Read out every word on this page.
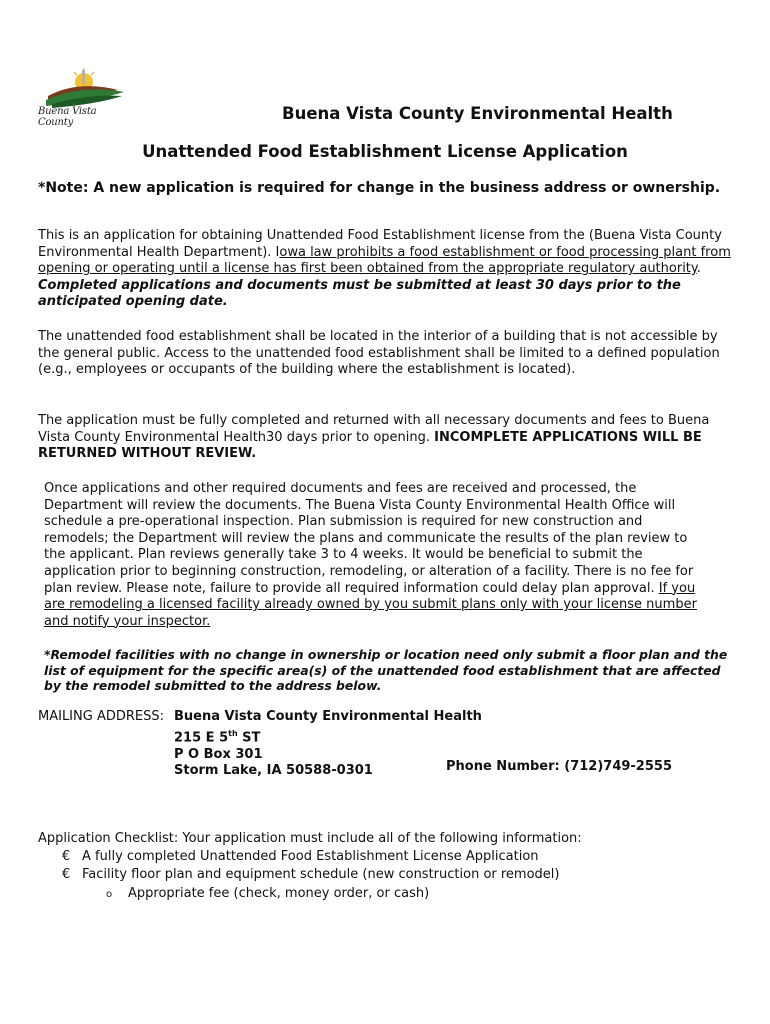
Buena Vista County	Buena Vista County Environmental Health

Unattended Food Establishment License Application

*Note: A new application is required for change in the business address or ownership.

This is an application for obtaining Unattended Food Establishment license from the (Buena Vista County Environmental Health Department). Iowa law prohibits a food establishment or food processing plant from opening or operating until a license has first been obtained from the appropriate regulatory authority. Completed applications and documents must be submitted at least 30 days prior to the anticipated opening date.

The unattended food establishment shall be located in the interior of a building that is not accessible by the general public. Access to the unattended food establishment shall be limited to a defined population (e.g., employees or occupants of the building where the establishment is located).

The application must be fully completed and returned with all necessary documents and fees to Buena Vista County Environmental Health30 days prior to opening. INCOMPLETE APPLICATIONS WILL BE RETURNED WITHOUT REVIEW.

Once applications and other required documents and fees are received and processed, the Department will review the documents. The Buena Vista County Environmental Health Office will schedule a pre-operational inspection. Plan submission is required for new construction and remodels; the Department will review the plans and communicate the results of the plan review to the applicant. Plan reviews generally take 3 to 4 weeks. It would be beneficial to submit the application prior to beginning construction, remodeling, or alteration of a facility. There is no fee for plan review. Please note, failure to provide all required information could delay plan approval. If you are remodeling a licensed facility already owned by you submit plans only with your license number and notify your inspector.

*Remodel facilities with no change in ownership or location need only submit a floor plan and the list of equipment for the specific area(s) of the unattended food establishment that are affected by the remodel submitted to the address below.

MAILING ADDRESS: Buena Vista County Environmental Health
215 E 5th ST
P O Box 301
Storm Lake, IA 50588-0301	Phone Number: (712)749-2555

Application Checklist: Your application must include all of the following information:

€ A fully completed Unattended Food Establishment License Application
€ Facility floor plan and equipment schedule (new construction or remodel)
o Appropriate fee (check, money order, or cash)
